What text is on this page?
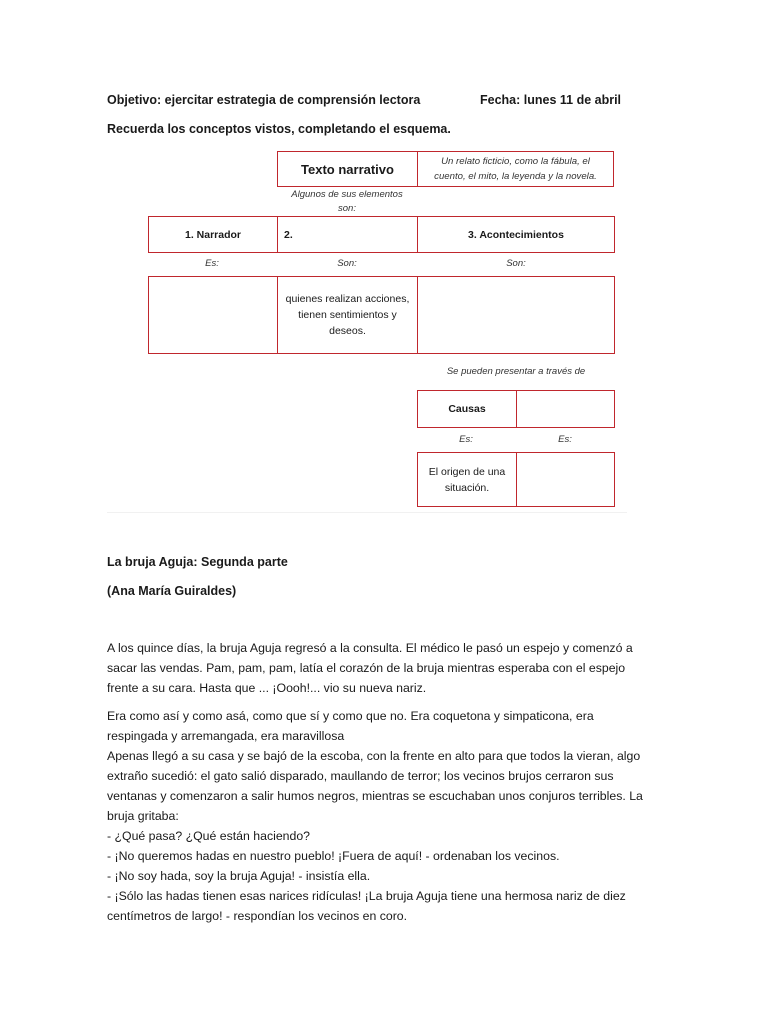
Objetivo: ejercitar estrategia de comprensión lectora	Fecha: lunes 11 de abril
Recuerda los conceptos vistos, completando el esquema.
Texto narrativo	Un relato ficticio, como la fábula, el
cuento, el mito, la leyenda y la novela.
Algunos de sus elementos
son:
1. Narrador	2.	3. Acontecimientos
Es:	Son:	Son:
quienes realizan acciones,
tienen sentimientos y
deseos.
Se pueden presentar a través de
Causas
Es:	Es:
El origen de una
situación.
La bruja Aguja: Segunda parte
(Ana María Guiraldes)
A los quince días, la bruja Aguja regresó a la consulta. El médico le pasó un espejo y comenzó a
sacar las vendas. Pam, pam, pam, latía el corazón de la bruja mientras esperaba con el espejo
frente a su cara. Hasta que ... ¡Oooh!... vio su nueva nariz.
Era como así y como asá, como que sí y como que no. Era coquetona y simpaticona, era
respingada y arremangada, era maravillosa
Apenas llegó a su casa y se bajó de la escoba, con la frente en alto para que todos la vieran, algo
extraño sucedió: el gato salió disparado, maullando de terror; los vecinos brujos cerraron sus
ventanas y comenzaron a salir humos negros, mientras se escuchaban unos conjuros terribles. La
bruja gritaba:
- ¿Qué pasa? ¿Qué están haciendo?
- ¡No queremos hadas en nuestro pueblo! ¡Fuera de aquí! - ordenaban los vecinos.
- ¡No soy hada, soy la bruja Aguja! - insistía ella.
- ¡Sólo las hadas tienen esas narices ridículas! ¡La bruja Aguja tiene una hermosa nariz de diez
centímetros de largo! - respondían los vecinos en coro.
